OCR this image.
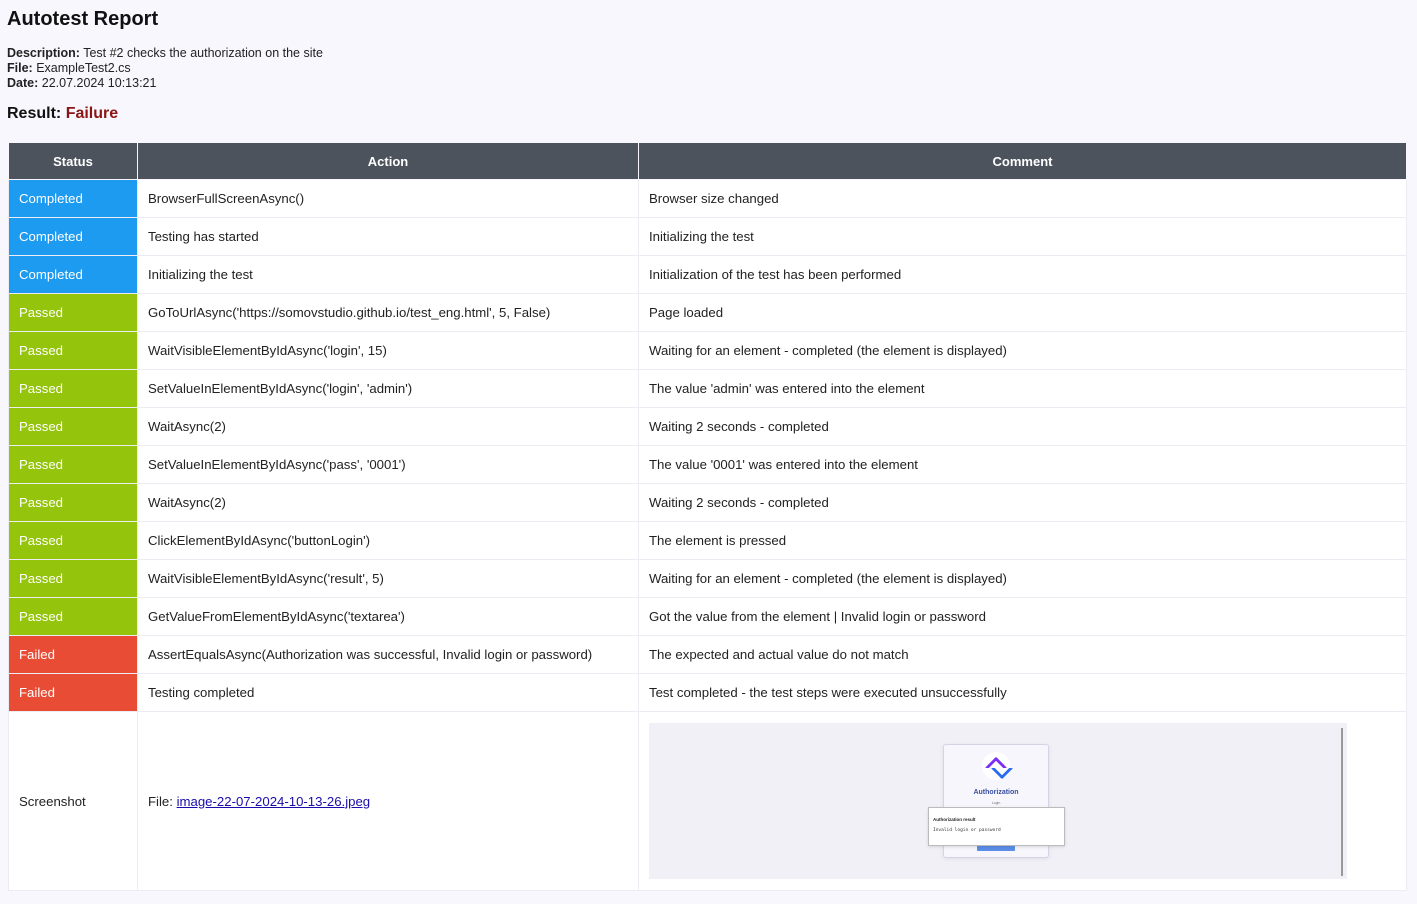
Autotest Report
Description: Test #2 checks the authorization on the site
File: ExampleTest2.cs
Date: 22.07.2024 10:13:21
Result: Failure
Status	Action	Comment
Completed	BrowserFullScreenAsync()	Browser size changed
Completed	Testing has started	Initializing the test
Completed	Initializing the test	Initialization of the test has been performed
Passed	GoToUrlAsync('https://somovstudio.github.io/test_eng.html', 5, False)	Page loaded
Passed	WaitVisibleElementByIdAsync('login', 15)	Waiting for an element - completed (the element is displayed)
Passed	SetValueInElementByIdAsync('login', 'admin')	The value 'admin' was entered into the element
Passed	WaitAsync(2)	Waiting 2 seconds - completed
Passed	SetValueInElementByIdAsync('pass', '0001')	The value '0001' was entered into the element
Passed	WaitAsync(2)	Waiting 2 seconds - completed
Passed	ClickElementByIdAsync('buttonLogin')	The element is pressed
Passed	WaitVisibleElementByIdAsync('result', 5)	Waiting for an element - completed (the element is displayed)
Passed	GetValueFromElementByIdAsync('textarea')	Got the value from the element | Invalid login or password
Failed	AssertEqualsAsync(Authorization was successful, Invalid login or password)	The expected and actual value do not match
Failed	Testing completed	Test completed - the test steps were executed unsuccessfully
Screenshot	File: image-22-07-2024-10-13-26.jpeg	Authorization
Login
Authorization result
Invalid login or password
